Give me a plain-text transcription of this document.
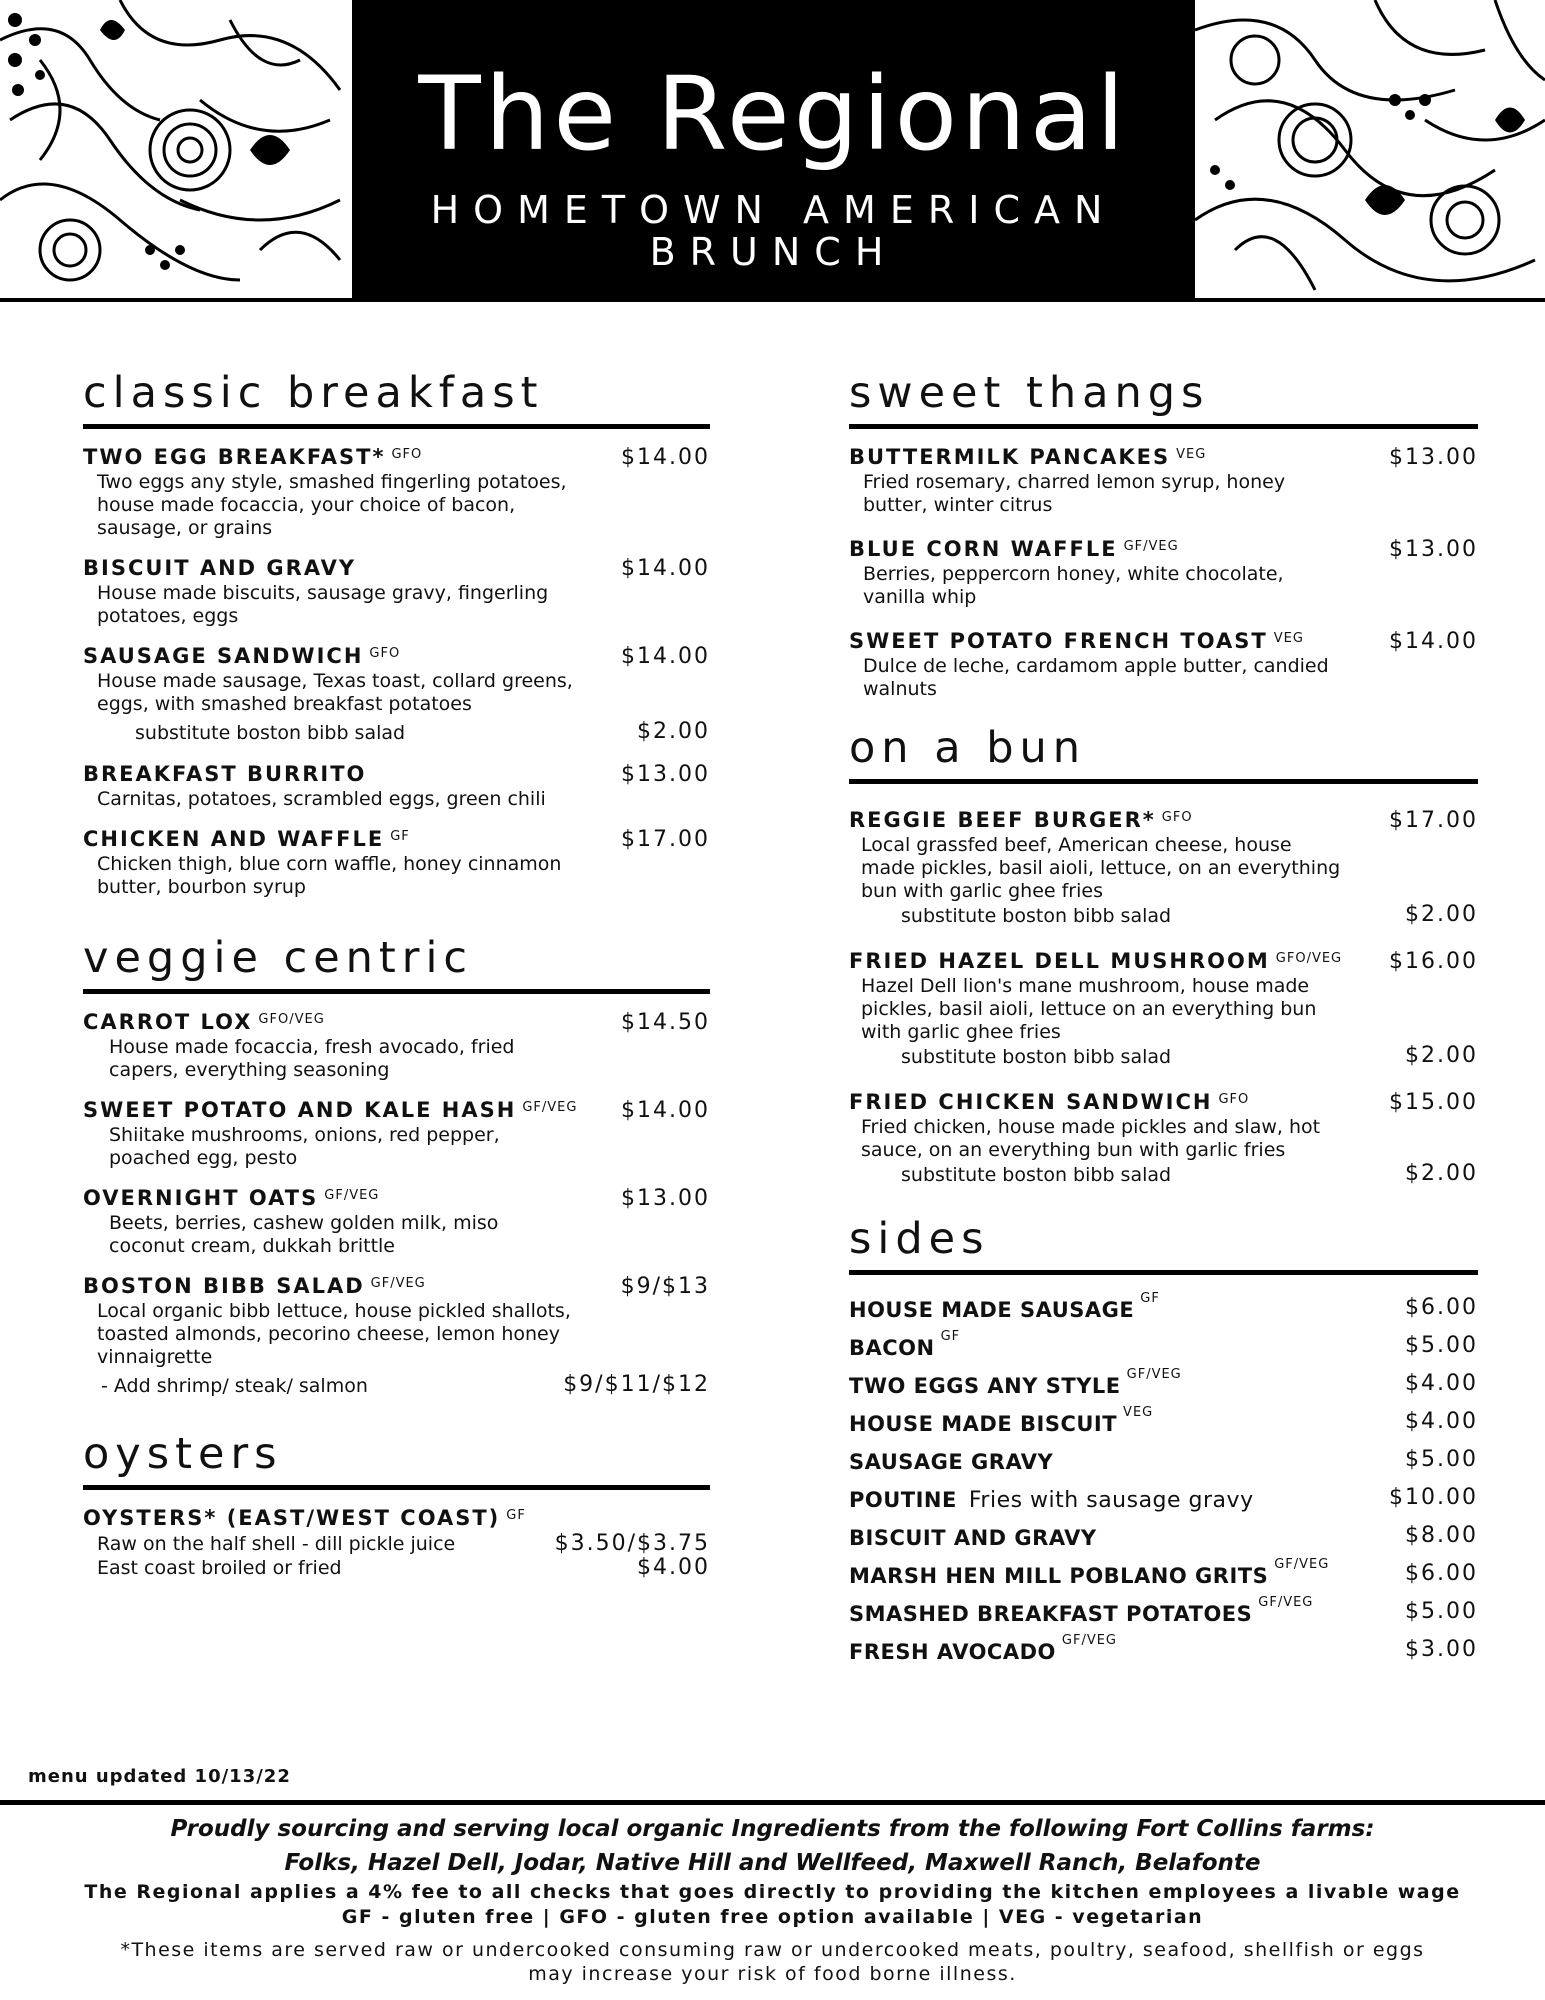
The Regional
HOMETOWN AMERICAN
BRUNCH
classic breakfast
TWO EGG BREAKFAST* $^{GFO}$	$14.00
Two eggs any style, smashed fingerling potatoes, house made focaccia, your choice of bacon, sausage, or grains
BISCUIT AND GRAVY	$14.00
House made biscuits, sausage gravy, fingerling potatoes, eggs
SAUSAGE SANDWICH $^{GFO}$	$14.00
House made sausage, Texas toast, collard greens, eggs, with smashed breakfast potatoes
substitute boston bibb salad	$2.00
BREAKFAST BURRITO	$13.00
Carnitas, potatoes, scrambled eggs, green chili
CHICKEN AND WAFFLE $^{GF}$	$17.00
Chicken thigh, blue corn waffle, honey cinnamon butter, bourbon syrup
veggie centric
CARROT LOX $^{GFO/VEG}$	$14.50
House made focaccia, fresh avocado, fried capers, everything seasoning
SWEET POTATO AND KALE HASH $^{GF/VEG}$	$14.00
Shiitake mushrooms, onions, red pepper, poached egg, pesto
OVERNIGHT OATS $^{GF/VEG}$	$13.00
Beets, berries, cashew golden milk, miso coconut cream, dukkah brittle
BOSTON BIBB SALAD $^{GF/VEG}$	$9/$13
Local organic bibb lettuce, house pickled shallots, toasted almonds, pecorino cheese, lemon honey vinnaigrette
- Add shrimp/ steak/ salmon	$9/$11/$12
oysters
OYSTERS* (EAST/WEST COAST) $^{GF}$
Raw on the half shell - dill pickle juice	$3.50/$3.75
East coast broiled or fried	$4.00
sweet thangs
BUTTERMILK PANCAKES $^{VEG}$	$13.00
Fried rosemary, charred lemon syrup, honey butter, winter citrus
BLUE CORN WAFFLE $^{GF/VEG}$	$13.00
Berries, peppercorn honey, white chocolate, vanilla whip
SWEET POTATO FRENCH TOAST $^{VEG}$	$14.00
Dulce de leche, cardamom apple butter, candied walnuts
on a bun
REGGIE BEEF BURGER* $^{GFO}$	$17.00
Local grassfed beef, American cheese, house made pickles, basil aioli, lettuce, on an everything bun with garlic ghee fries
substitute boston bibb salad	$2.00
FRIED HAZEL DELL MUSHROOM $^{GFO/VEG}$	$16.00
Hazel Dell lion's mane mushroom, house made pickles, basil aioli, lettuce on an everything bun with garlic ghee fries
substitute boston bibb salad	$2.00
FRIED CHICKEN SANDWICH $^{GFO}$	$15.00
Fried chicken, house made pickles and slaw, hot sauce, on an everything bun with garlic fries
substitute boston bibb salad	$2.00
sides
HOUSE MADE SAUSAGE $^{GF}$	$6.00
BACON $^{GF}$	$5.00
TWO EGGS ANY STYLE $^{GF/VEG}$	$4.00
HOUSE MADE BISCUIT $^{VEG}$	$4.00
SAUSAGE GRAVY	$5.00
POUTINE Fries with sausage gravy	$10.00
BISCUIT AND GRAVY	$8.00
MARSH HEN MILL POBLANO GRITS $^{GF/VEG}$	$6.00
SMASHED BREAKFAST POTATOES $^{GF/VEG}$	$5.00
FRESH AVOCADO $^{GF/VEG}$	$3.00
menu updated 10/13/22
Proudly sourcing and serving local organic Ingredients from the following Fort Collins farms:
Folks, Hazel Dell, Jodar, Native Hill and Wellfeed, Maxwell Ranch, Belafonte
The Regional applies a 4% fee to all checks that goes directly to providing the kitchen employees a livable wage
GF - gluten free | GFO - gluten free option available | VEG - vegetarian
*These items are served raw or undercooked consuming raw or undercooked meats, poultry, seafood, shellfish or eggs
may increase your risk of food borne illness.
